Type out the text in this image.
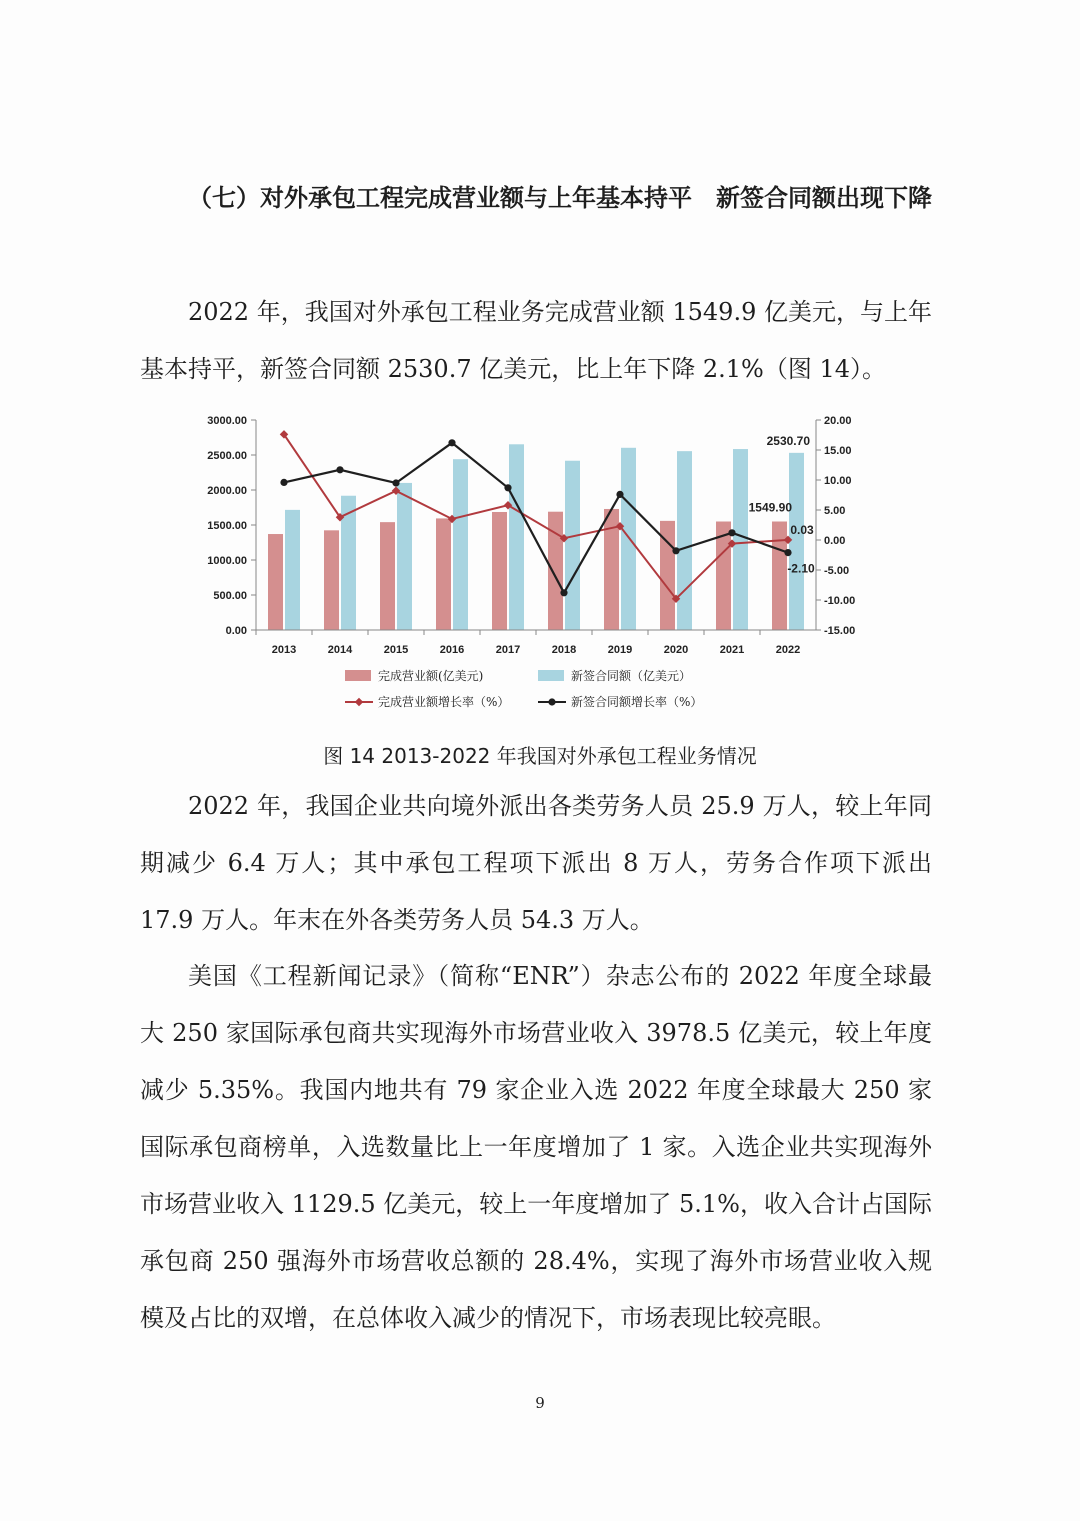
（七）对外承包工程完成营业额与上年基本持平　新签合同额出现下降

2022 年，我国对外承包工程业务完成营业额 1549.9 亿美元，与上年基本持平，新签合同额 2530.7 亿美元，比上年下降 2.1%（图 14）。

0.00
500.00
1000.00
1500.00
2000.00
2500.00
3000.00
-15.00
-10.00
-5.00
0.00
5.00
10.00
15.00
20.00
2013	2014	2015	2016	2017	2018	2019	2020	2021	2022
2530.70
1549.90
0.03
-2.10
完成营业额(亿美元)	新签合同额（亿美元）
完成营业额增长率（%）	新签合同额增长率（%）
图 14 2013-2022 年我国对外承包工程业务情况

2022 年，我国企业共向境外派出各类劳务人员 25.9 万人，较上年同期减少 6.4 万人；其中承包工程项下派出 8 万人，劳务合作项下派出 17.9 万人。年末在外各类劳务人员 54.3 万人。

美国《工程新闻记录》（简称“ENR”）杂志公布的 2022 年度全球最大 250 家国际承包商共实现海外市场营业收入 3978.5 亿美元，较上年度减少 5.35%。我国内地共有 79 家企业入选 2022 年度全球最大 250 家国际承包商榜单，入选数量比上一年度增加了 1 家。入选企业共实现海外市场营业收入 1129.5 亿美元，较上一年度增加了 5.1%，收入合计占国际承包商 250 强海外市场营收总额的 28.4%，实现了海外市场营业收入规模及占比的双增，在总体收入减少的情况下，市场表现比较亮眼。

9
